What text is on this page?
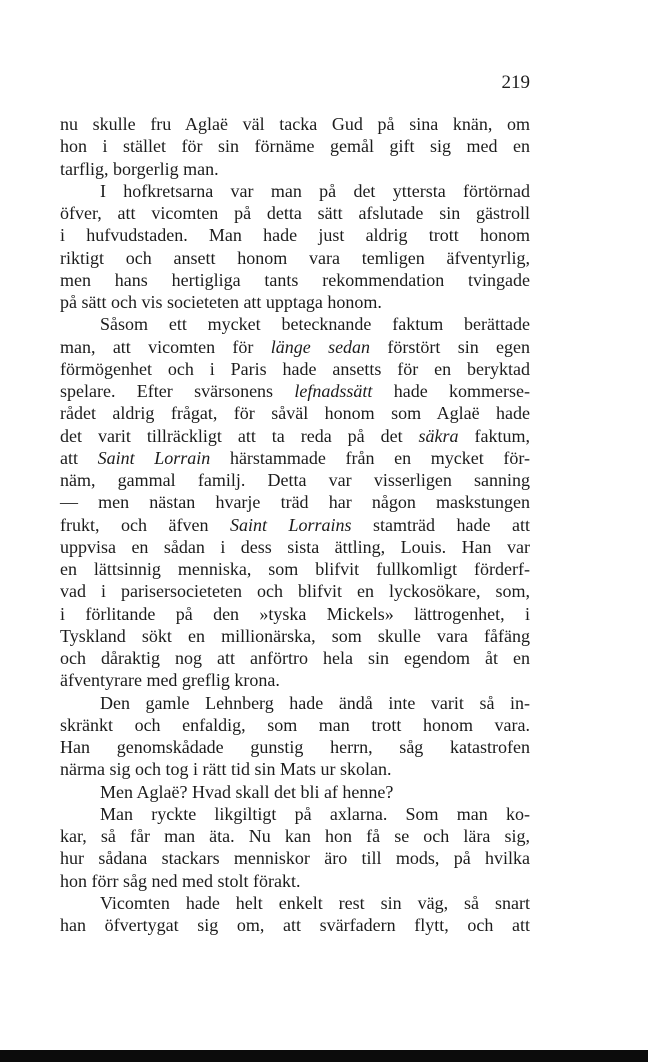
219
nu skulle fru Aglaë väl tacka Gud på sina knän, om
hon i stället för sin förnäme gemål gift sig med en
tarflig, borgerlig man.
I hofkretsarna var man på det yttersta förtörnad
öfver, att vicomten på detta sätt afslutade sin gästroll
i hufvudstaden. Man hade just aldrig trott honom
riktigt och ansett honom vara temligen äfventyrlig,
men hans hertigliga tants rekommendation tvingade
på sätt och vis societeten att upptaga honom.
Såsom ett mycket betecknande faktum berättade
man, att vicomten för länge sedan förstört sin egen
förmögenhet och i Paris hade ansetts för en beryktad
spelare. Efter svärsonens lefnadssätt hade kommerse-
rådet aldrig frågat, för såväl honom som Aglaë hade
det varit tillräckligt att ta reda på det säkra faktum,
att Saint Lorrain härstammade från en mycket för-
näm, gammal familj. Detta var visserligen sanning
— men nästan hvarje träd har någon maskstungen
frukt, och äfven Saint Lorrains stamträd hade att
uppvisa en sådan i dess sista ättling, Louis. Han var
en lättsinnig menniska, som blifvit fullkomligt förderf-
vad i parisersocieteten och blifvit en lyckosökare, som,
i förlitande på den »tyska Mickels» lättrogenhet, i
Tyskland sökt en millionärska, som skulle vara fåfäng
och dåraktig nog att anförtro hela sin egendom åt en
äfventyrare med greflig krona.
Den gamle Lehnberg hade ändå inte varit så in-
skränkt och enfaldig, som man trott honom vara.
Han genomskådade gunstig herrn, såg katastrofen
närma sig och tog i rätt tid sin Mats ur skolan.
Men Aglaë? Hvad skall det bli af henne?
Man ryckte likgiltigt på axlarna. Som man ko-
kar, så får man äta. Nu kan hon få se och lära sig,
hur sådana stackars menniskor äro till mods, på hvilka
hon förr såg ned med stolt förakt.
Vicomten hade helt enkelt rest sin väg, så snart
han öfvertygat sig om, att svärfadern flytt, och att
